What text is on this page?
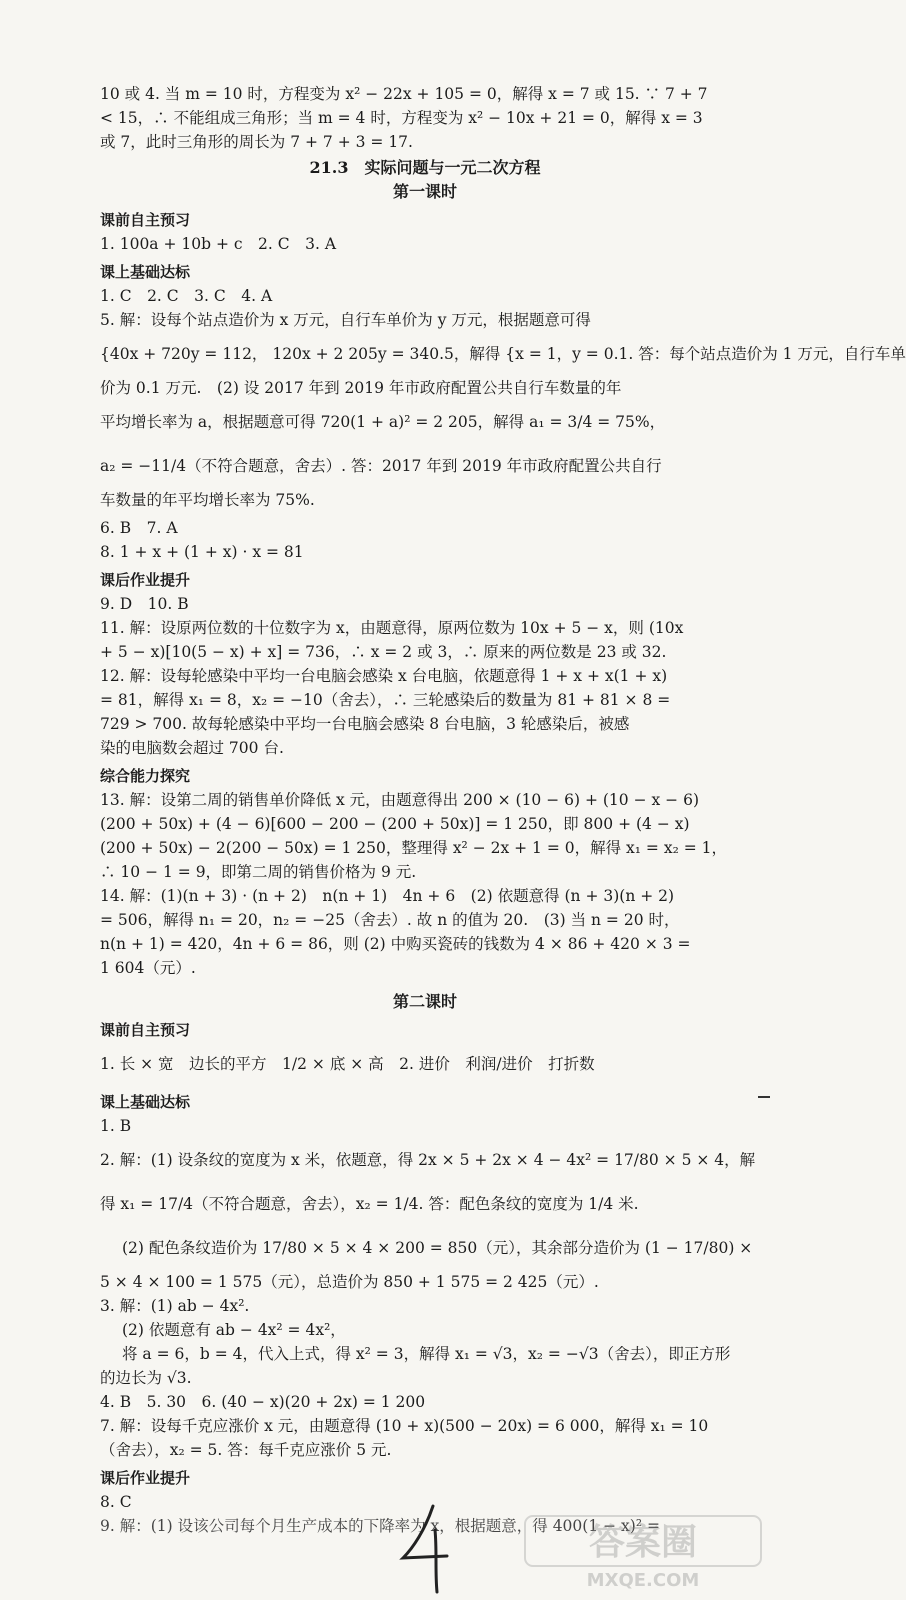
10 或 4. 当 m = 10 时，方程变为 x² − 22x + 105 = 0，解得 x = 7 或 15. ∵ 7 + 7
< 15，∴ 不能组成三角形；当 m = 4 时，方程变为 x² − 10x + 21 = 0，解得 x = 3
或 7，此时三角形的周长为 7 + 7 + 3 = 17.
21.3　实际问题与一元二次方程
第一课时
课前自主预习
1. 100a + 10b + c　2. C　3. A
课上基础达标
1. C　2. C　3. C　4. A
5. 解：设每个站点造价为 x 万元，自行车单价为 y 万元，根据题意可得
{40x + 720y = 112， 120x + 2 205y = 340.5，解得 {x = 1，y = 0.1. 答：每个站点造价为 1 万元，自行车单
价为 0.1 万元.　(2) 设 2017 年到 2019 年市政府配置公共自行车数量的年
平均增长率为 a，根据题意可得 720(1 + a)² = 2 205，解得 a₁ = 3/4 = 75%，
a₂ = −11/4（不符合题意，舍去）. 答：2017 年到 2019 年市政府配置公共自行
车数量的年平均增长率为 75%.
6. B　7. A
8. 1 + x + (1 + x) · x = 81
课后作业提升
9. D　10. B
11. 解：设原两位数的十位数字为 x，由题意得，原两位数为 10x + 5 − x，则 (10x
+ 5 − x)[10(5 − x) + x] = 736，∴ x = 2 或 3，∴ 原来的两位数是 23 或 32.
12. 解：设每轮感染中平均一台电脑会感染 x 台电脑，依题意得 1 + x + x(1 + x)
= 81，解得 x₁ = 8，x₂ = −10（舍去），∴ 三轮感染后的数量为 81 + 81 × 8 =
729 > 700. 故每轮感染中平均一台电脑会感染 8 台电脑，3 轮感染后，被感
染的电脑数会超过 700 台.
综合能力探究
13. 解：设第二周的销售单价降低 x 元，由题意得出 200 × (10 − 6) + (10 − x − 6)
(200 + 50x) + (4 − 6)[600 − 200 − (200 + 50x)] = 1 250，即 800 + (4 − x)
(200 + 50x) − 2(200 − 50x) = 1 250，整理得 x² − 2x + 1 = 0，解得 x₁ = x₂ = 1，
∴ 10 − 1 = 9，即第二周的销售价格为 9 元.
14. 解：(1)(n + 3) · (n + 2)　n(n + 1)　4n + 6　(2) 依题意得 (n + 3)(n + 2)
= 506，解得 n₁ = 20，n₂ = −25（舍去）. 故 n 的值为 20.　(3) 当 n = 20 时，
n(n + 1) = 420，4n + 6 = 86，则 (2) 中购买瓷砖的钱数为 4 × 86 + 420 × 3 =
1 604（元）.
第二课时
课前自主预习
1. 长 × 宽　边长的平方　1/2 × 底 × 高　2. 进价　利润/进价　打折数
课上基础达标
1. B
2. 解：(1) 设条纹的宽度为 x 米，依题意，得 2x × 5 + 2x × 4 − 4x² = 17/80 × 5 × 4，解
得 x₁ = 17/4（不符合题意，舍去），x₂ = 1/4. 答：配色条纹的宽度为 1/4 米.
(2) 配色条纹造价为 17/80 × 5 × 4 × 200 = 850（元），其余部分造价为 (1 − 17/80) ×
5 × 4 × 100 = 1 575（元），总造价为 850 + 1 575 = 2 425（元）.
3. 解：(1) ab − 4x².
(2) 依题意有 ab − 4x² = 4x²，
将 a = 6，b = 4，代入上式，得 x² = 3，解得 x₁ = √3，x₂ = −√3（舍去），即正方形
的边长为 √3.
4. B　5. 30　6. (40 − x)(20 + 2x) = 1 200
7. 解：设每千克应涨价 x 元，由题意得 (10 + x)(500 − 20x) = 6 000，解得 x₁ = 10
（舍去），x₂ = 5. 答：每千克应涨价 5 元.
课后作业提升
8. C
9. 解：(1) 设该公司每个月生产成本的下降率为 x，根据题意，得 400(1 − x)² =
4
答案圈
MXQE.COM
